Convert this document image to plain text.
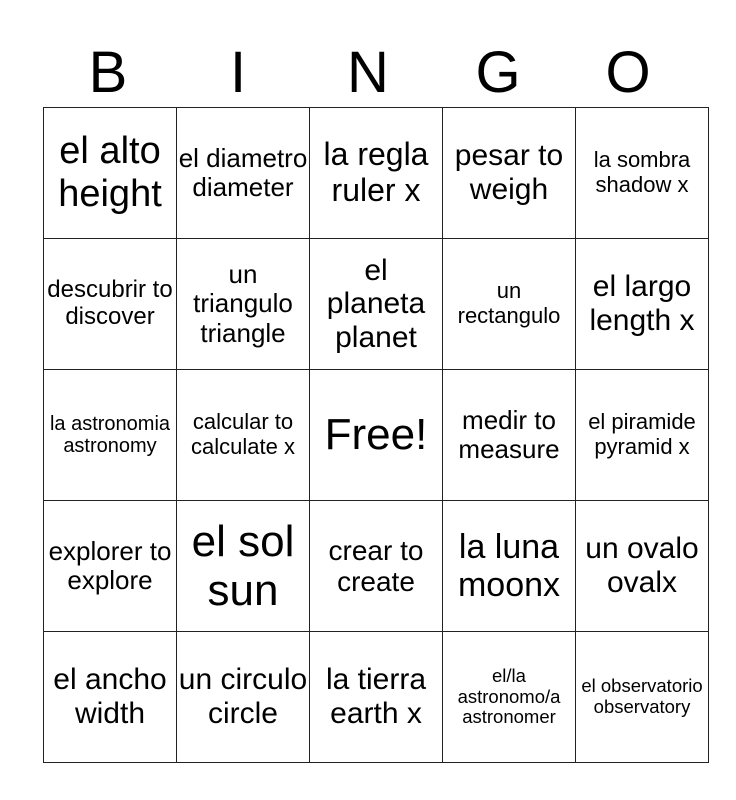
B	I	N	G	O
el alto height	el diametro diameter	la regla ruler x	pesar to weigh	la sombra shadow x
descubrir to discover	un triangulo triangle	el planeta planet	un rectangulo	el largo length x
la astronomia astronomy	calcular to calculate x	Free!	medir to measure	el piramide pyramid x
explorer to explore	el sol sun	crear to create	la luna moonx	un ovalo ovalx
el ancho width	un circulo circle	la tierra earth x	el/la astronomo/a astronomer	el observatorio observatory
